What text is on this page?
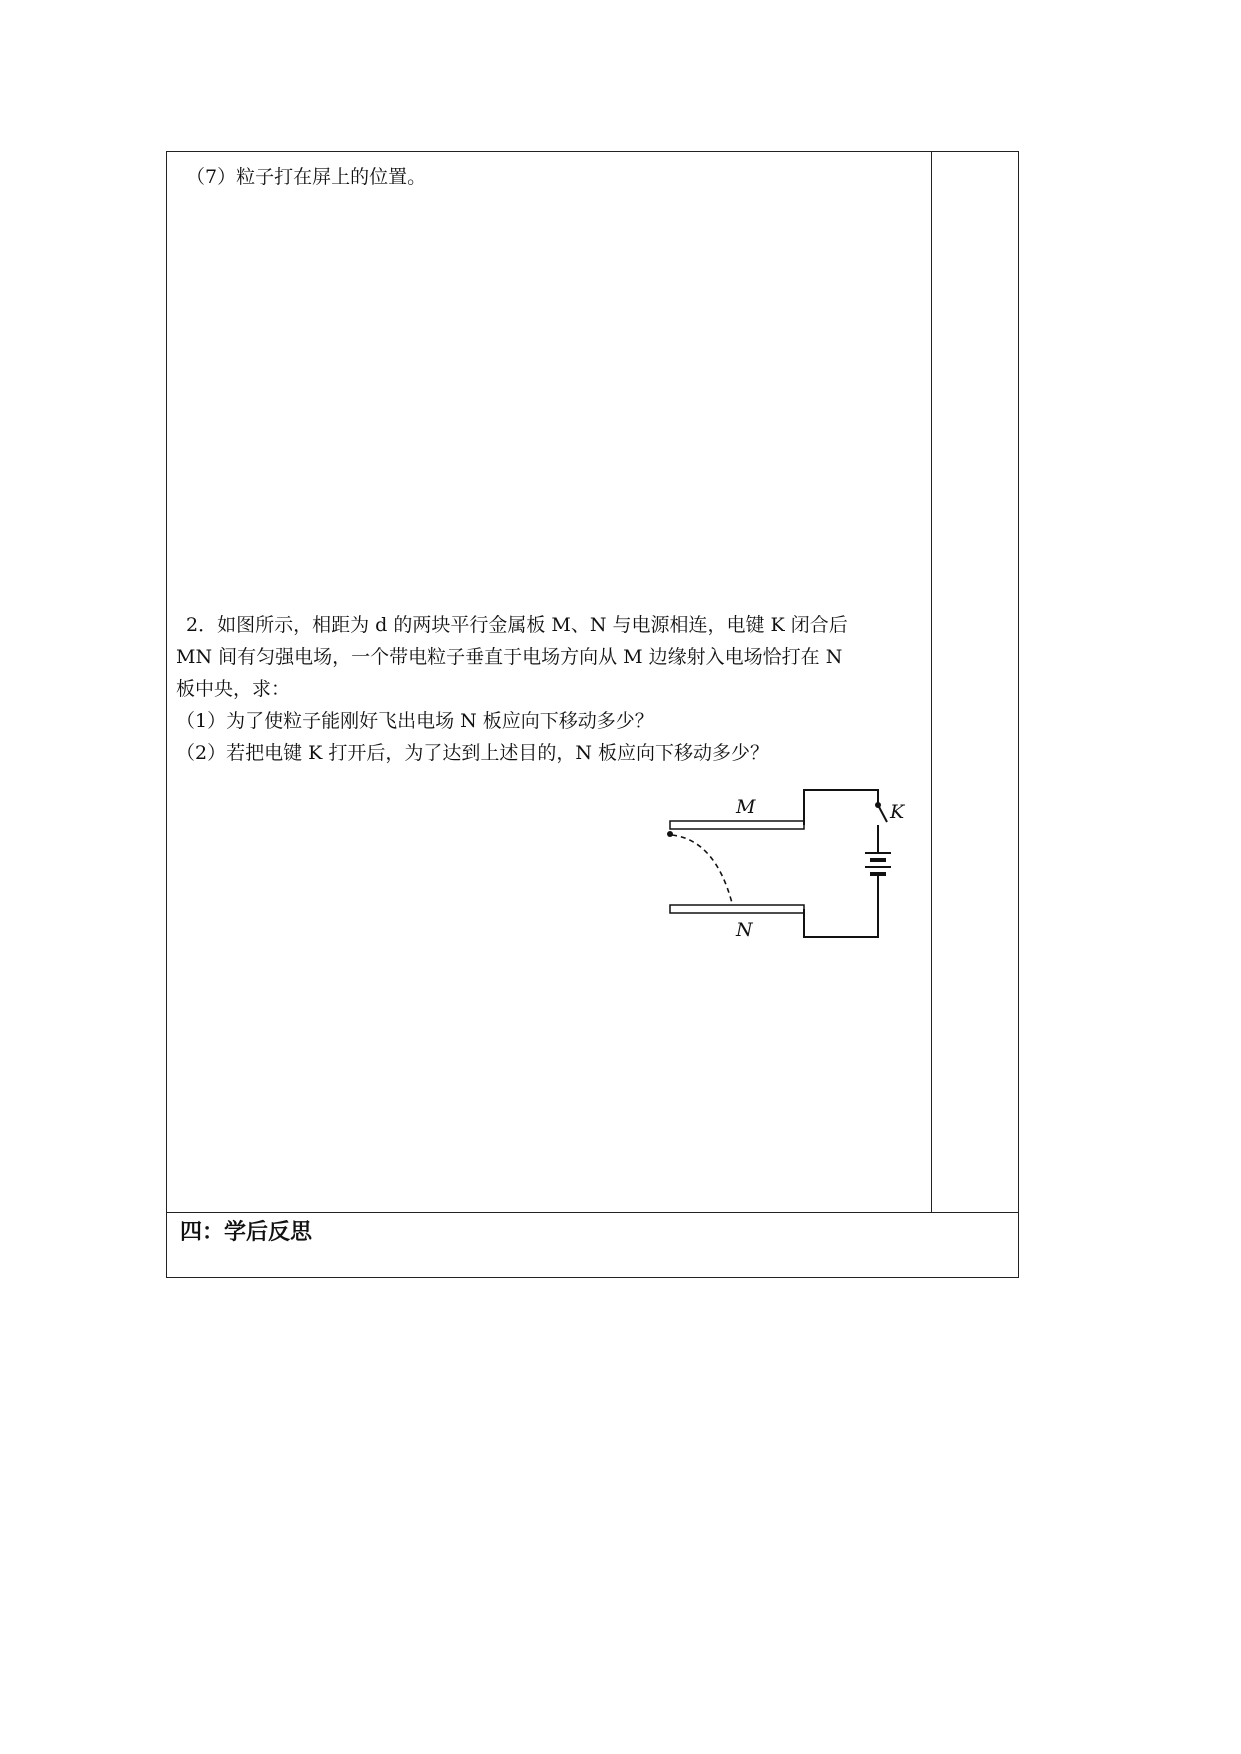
（7）粒子打在屏上的位置。
2．如图所示，相距为 d 的两块平行金属板 M、N 与电源相连，电键 K 闭合后
MN 间有匀强电场，一个带电粒子垂直于电场方向从 M 边缘射入电场恰打在 N
板中央，求：
（1）为了使粒子能刚好飞出电场 N 板应向下移动多少？
（2）若把电键 K 打开后，为了达到上述目的，N 板应向下移动多少？
M
N
K
四：学后反思
